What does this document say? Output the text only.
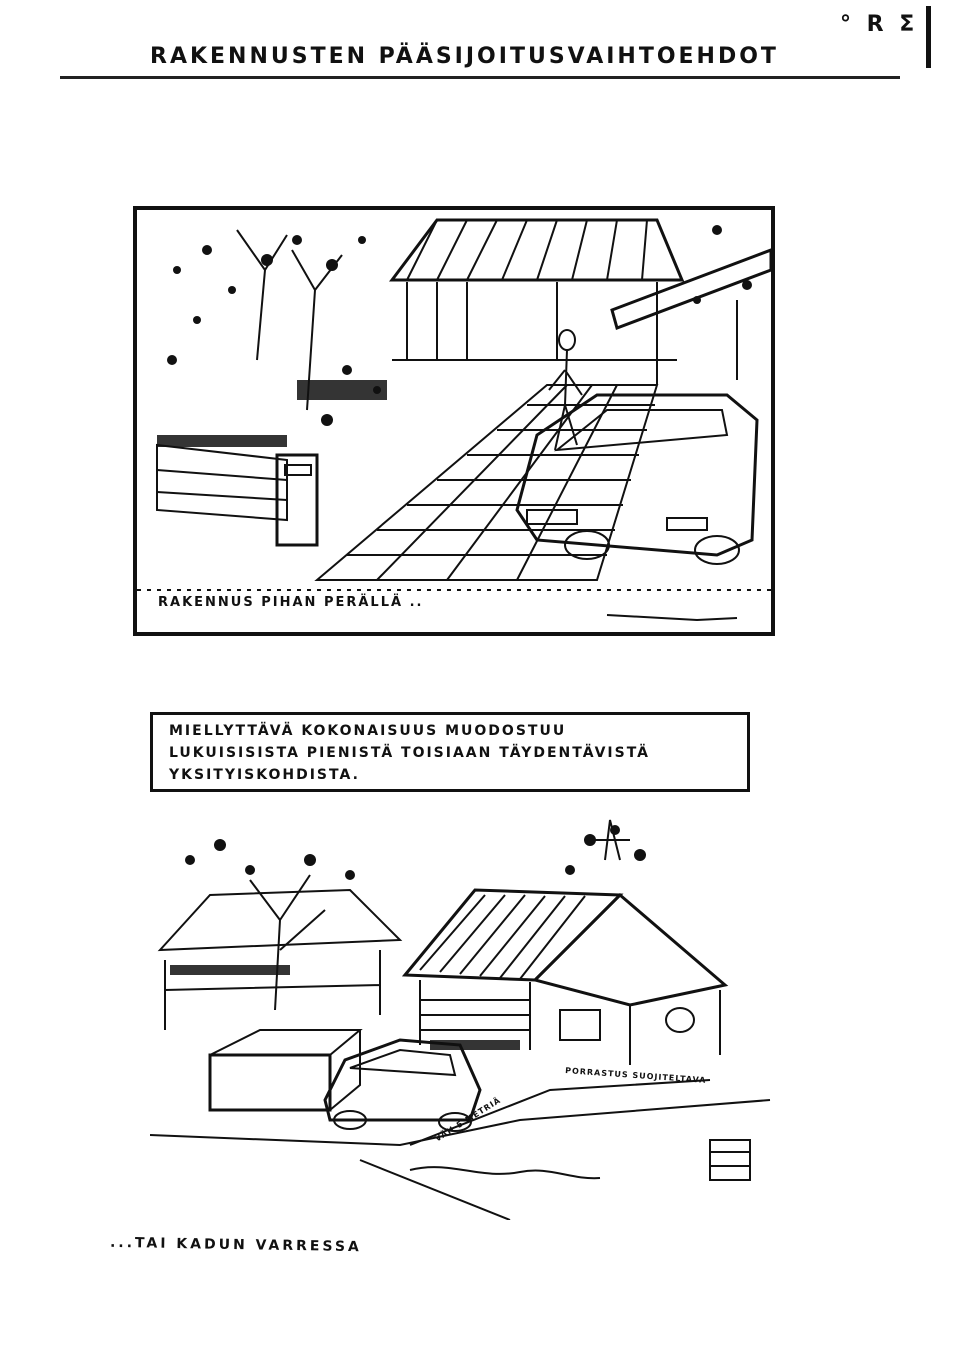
RAKENNUSTEN PÄÄSIJOITUSVAIHTOEHDOT
° R Σ
RAKENNUS PIHAN PERÄLLÄ ..
MIELLYTTÄVÄ KOKONAISUUS MUODOSTUU
LUKUISISISTA PIENISTÄ TOISIAAN TÄYDENTÄVISTÄ
YKSITYISKOHDISTA.
PORRASTUS SUOJITELTAVA
VÄH 5 METRIÄ
...TAI KADUN VARRESSA
